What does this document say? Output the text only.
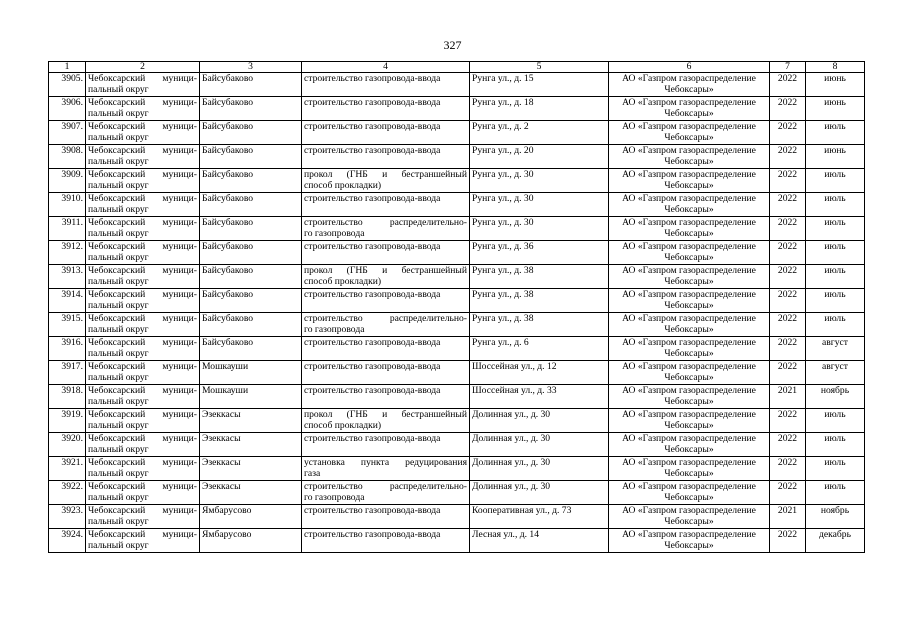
327
1	2	3	4	5	6	7	8
3905.	Чебоксарский муници-
пальный округ	Байсубаково	строительство газопровода-ввода	Рунга ул., д. 15	АО «Газпром газораспределение
Чебоксары»	2022	июнь
3906.	Чебоксарский муници-
пальный округ	Байсубаково	строительство газопровода-ввода	Рунга ул., д. 18	АО «Газпром газораспределение
Чебоксары»	2022	июнь
3907.	Чебоксарский муници-
пальный округ	Байсубаково	строительство газопровода-ввода	Рунга ул., д. 2	АО «Газпром газораспределение
Чебоксары»	2022	июль
3908.	Чебоксарский муници-
пальный округ	Байсубаково	строительство газопровода-ввода	Рунга ул., д. 20	АО «Газпром газораспределение
Чебоксары»	2022	июнь
3909.	Чебоксарский муници-
пальный округ	Байсубаково	прокол (ГНБ и бестраншейный
способ прокладки)	Рунга ул., д. 30	АО «Газпром газораспределение
Чебоксары»	2022	июль
3910.	Чебоксарский муници-
пальный округ	Байсубаково	строительство газопровода-ввода	Рунга ул., д. 30	АО «Газпром газораспределение
Чебоксары»	2022	июль
3911.	Чебоксарский муници-
пальный округ	Байсубаково	строительство распределительно-
го газопровода	Рунга ул., д. 30	АО «Газпром газораспределение
Чебоксары»	2022	июль
3912.	Чебоксарский муници-
пальный округ	Байсубаково	строительство газопровода-ввода	Рунга ул., д. 36	АО «Газпром газораспределение
Чебоксары»	2022	июль
3913.	Чебоксарский муници-
пальный округ	Байсубаково	прокол (ГНБ и бестраншейный
способ прокладки)	Рунга ул., д. 38	АО «Газпром газораспределение
Чебоксары»	2022	июль
3914.	Чебоксарский муници-
пальный округ	Байсубаково	строительство газопровода-ввода	Рунга ул., д. 38	АО «Газпром газораспределение
Чебоксары»	2022	июль
3915.	Чебоксарский муници-
пальный округ	Байсубаково	строительство распределительно-
го газопровода	Рунга ул., д. 38	АО «Газпром газораспределение
Чебоксары»	2022	июль
3916.	Чебоксарский муници-
пальный округ	Байсубаково	строительство газопровода-ввода	Рунга ул., д. 6	АО «Газпром газораспределение
Чебоксары»	2022	август
3917.	Чебоксарский муници-
пальный округ	Мошкауши	строительство газопровода-ввода	Шоссейная ул., д. 12	АО «Газпром газораспределение
Чебоксары»	2022	август
3918.	Чебоксарский муници-
пальный округ	Мошкауши	строительство газопровода-ввода	Шоссейная ул., д. 33	АО «Газпром газораспределение
Чебоксары»	2021	ноябрь
3919.	Чебоксарский муници-
пальный округ	Эзеккасы	прокол (ГНБ и бестраншейный
способ прокладки)	Долинная ул., д. 30	АО «Газпром газораспределение
Чебоксары»	2022	июль
3920.	Чебоксарский муници-
пальный округ	Эзеккасы	строительство газопровода-ввода	Долинная ул., д. 30	АО «Газпром газораспределение
Чебоксары»	2022	июль
3921.	Чебоксарский муници-
пальный округ	Эзеккасы	установка пункта редуцирования
газа	Долинная ул., д. 30	АО «Газпром газораспределение
Чебоксары»	2022	июль
3922.	Чебоксарский муници-
пальный округ	Эзеккасы	строительство распределительно-
го газопровода	Долинная ул., д. 30	АО «Газпром газораспределение
Чебоксары»	2022	июль
3923.	Чебоксарский муници-
пальный округ	Ямбарусово	строительство газопровода-ввода	Кооперативная ул., д. 73	АО «Газпром газораспределение
Чебоксары»	2021	ноябрь
3924.	Чебоксарский муници-
пальный округ	Ямбарусово	строительство газопровода-ввода	Лесная ул., д. 14	АО «Газпром газораспределение
Чебоксары»	2022	декабрь
